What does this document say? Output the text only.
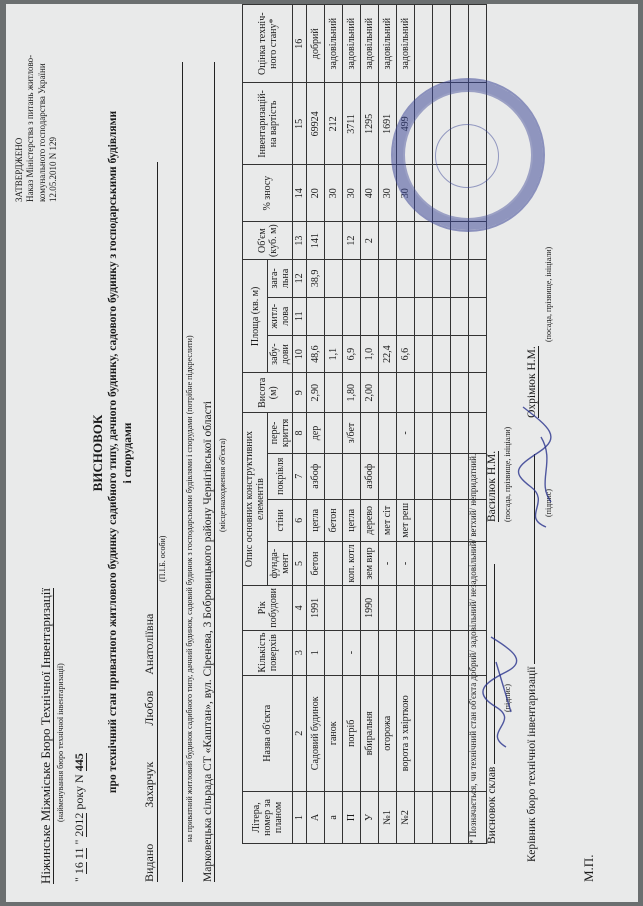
ЗАТВЕРДЖЕНО Наказ Міністерства з питань житлово- комунального господарства України 12.05.2010 N 129
Ніжинське Міжміське Бюро Технічної Інвентаризації (найменування бюро технічної інвентаризації)
" 16 11 " 2012 року N 445
ВИСНОВОК про технічний стан приватного житлового будинку садибного типу, дачного будинку, садового будинку з господарськими будівлями і спорудами
Видано  Захарчук  Любов  Анатоліївна
(П.І.Б. особи) на приватний житловий будинок садибного типу, дачний будинок, садовий будинок з господарськими будівлями і спорудами (потрібне підкреслити) Марковецька сільрада СТ «Каштан», вул. Сіренева, 3 Бобровицького району Чернігівської області (місцезнаходження об'єкта)
Літера, номер за планом	Назва об'єкта	Кількість поверхів	Рік побудови	Опис основних конструктивних елементів				Висота (м)	Площа (кв. м)			Об'єм (куб. м)	% зносу	Інвентаризацій-на вартість	Оцінка техніч-ного стану*
				фунда-мент	стіни	покрівля	пере-криття		забу-дови	житл-лова	зага-льна				
1	2	3	4	5	6	7	8	9	10	11	12	13	14	15	16
А	Садовий будинок	1	1991	бетон	цегла	азбоф	дер	2,90	48,6		38,9	141	20	69924	добрий
а	ганок				бетон				1,1				30	212	задовільний
П	погріб	-		коп. котл	цегла		з/бет	1,80	6,9			12	30	3711	задовільний
У	вбиральня		1990	зем вир	дерево	азбоф		2,00	1,0			2	40	1295	задовільний
№1	огорожа			-	мет сіт				22,4				30	1691	задовільний
№2	ворота з хвірткою			-	мет реш		-		6,6				30	499	задовільний

* Позначається, чи технічний стан об'єкта добрий/ задовільний/ незадовільний/ ветхий/ непридатний. Висновок склав   Василюк Н.М.
(підпис)
(посада, прізвище, ініціали)
Керівник бюро технічної інвентаризації   Охрімюк Н.М.
(підпис)
(посада, прізвище, ініціали)
М.П.
